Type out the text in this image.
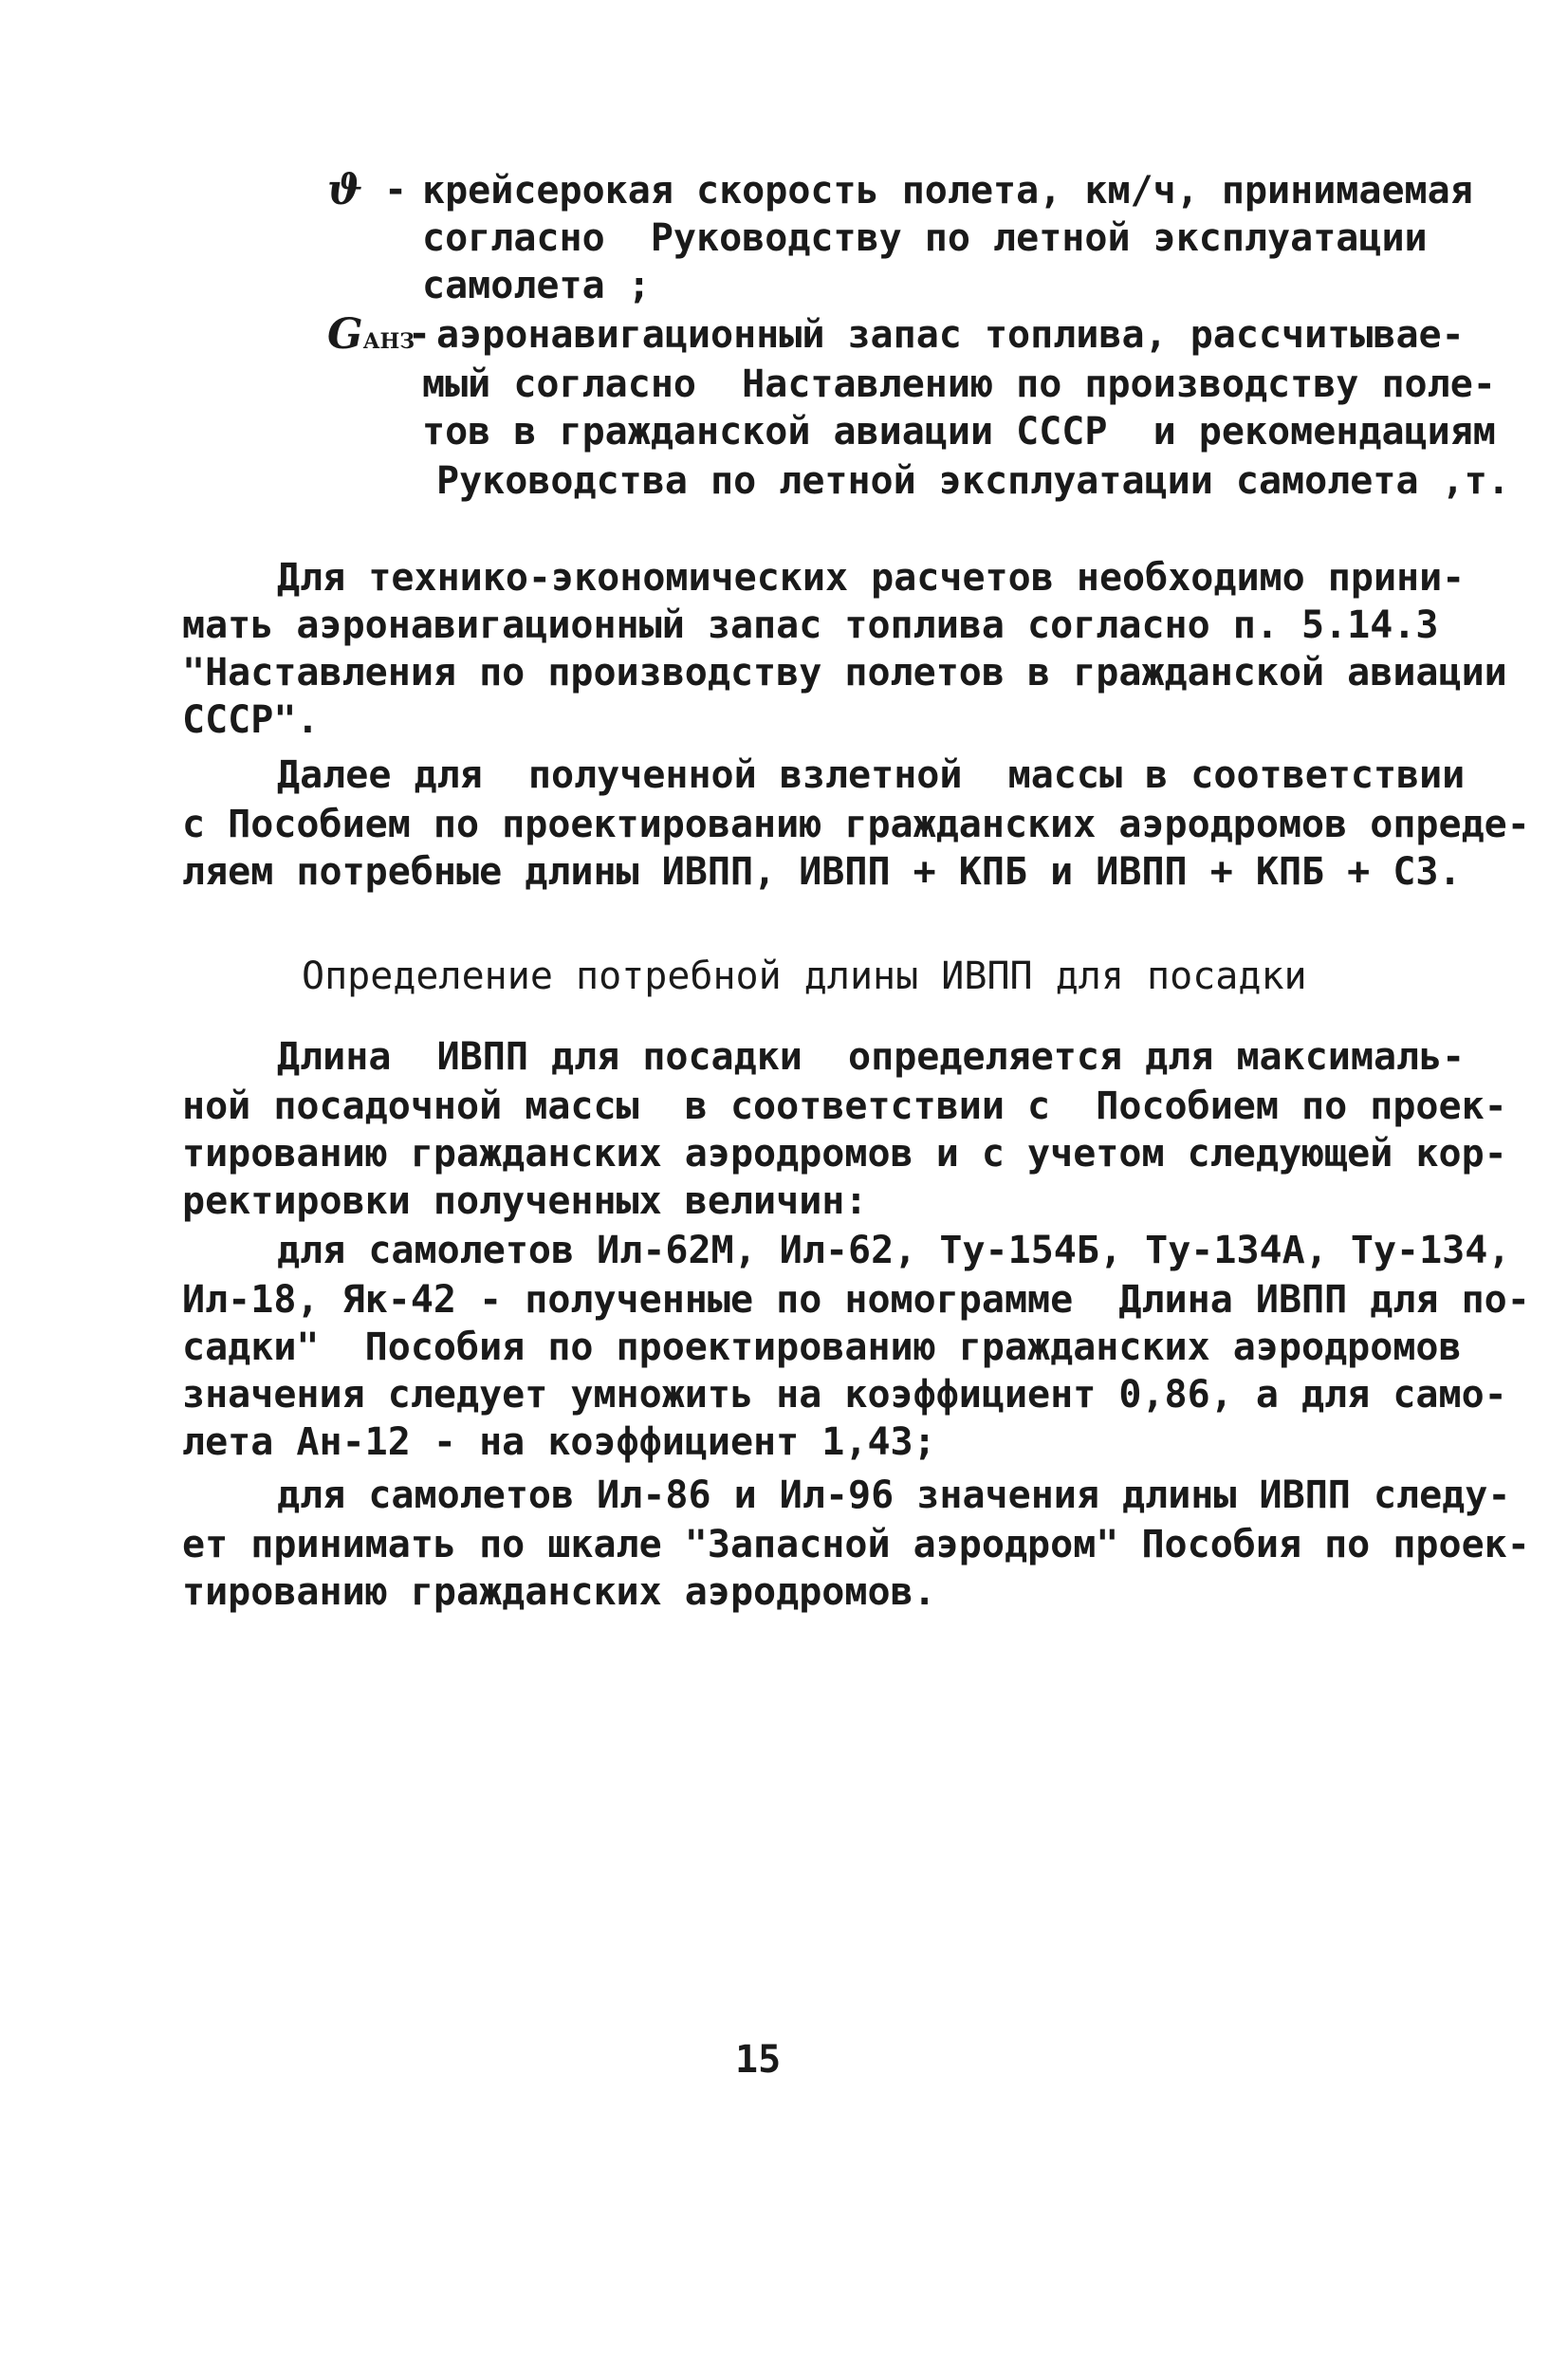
ϑ - крейсерокая скорость полета, км/ч, принимаемая
согласно  Руководству по летной эксплуатации
самолета ;
GАНЗ
- аэронавигационный запас топлива, рассчитывае-
мый согласно  Наставлению по производству поле-
тов в гражданской авиации СССР  и рекомендациям
Руководства по летной эксплуатации самолета ,т.
Для технико-экономических расчетов необходимо прини-
мать аэронавигационный запас топлива согласно п. 5.14.3
"Наставления по производству полетов в гражданской авиации
СССР".
Далее для  полученной взлетной  массы в соответствии
с Пособием по проектированию гражданских аэродромов опреде-
ляем потребные длины ИВПП, ИВПП + КПБ и ИВПП + КПБ + СЗ.
Определение потребной длины ИВПП для посадки
Длина  ИВПП для посадки  определяется для максималь-
ной посадочной массы  в соответствии с  Пособием по проек-
тированию гражданских аэродромов и с учетом следующей кор-
ректировки полученных величин:
для самолетов Ил-62М, Ил-62, Ту-154Б, Ту-134А, Ту-134,
Ил-18, Як-42 - полученные по номограмме  Длина ИВПП для по-
садки"  Пособия по проектированию гражданских аэродромов
значения следует умножить на коэффициент 0,86, а для само-
лета Ан-12 - на коэффициент 1,43;
для самолетов Ил-86 и Ил-96 значения длины ИВПП следу-
ет принимать по шкале "Запасной аэродром" Пособия по проек-
тированию гражданских аэродромов.
15
